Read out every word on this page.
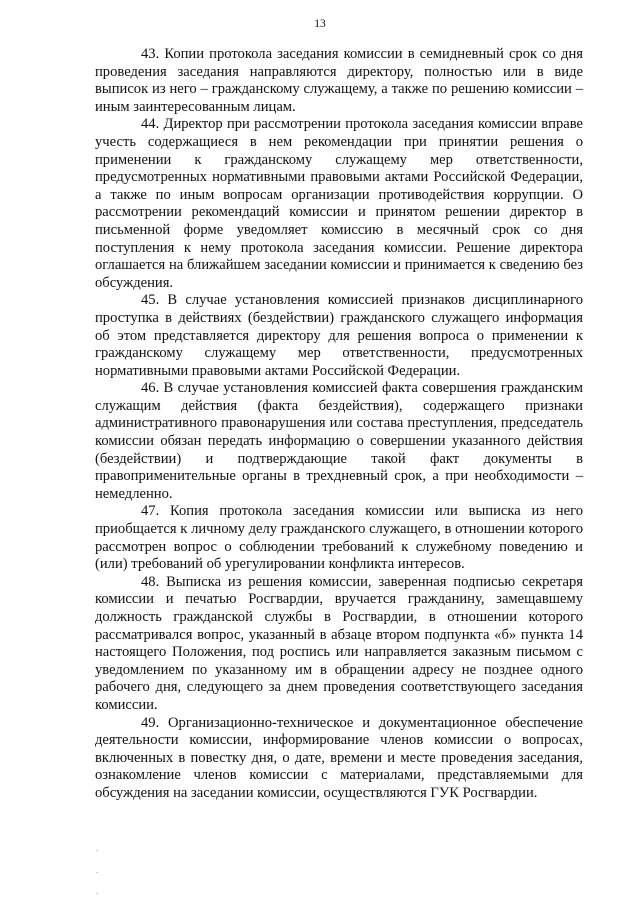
13

43. Копии протокола заседания комиссии в семидневный срок со дня проведения заседания направляются директору, полностью или в виде выписок из него – гражданскому служащему, а также по решению комиссии – иным заинтересованным лицам.

44. Директор при рассмотрении протокола заседания комиссии вправе учесть содержащиеся в нем рекомендации при принятии решения о применении к гражданскому служащему мер ответственности, предусмотренных нормативными правовыми актами Российской Федерации, а также по иным вопросам организации противодействия коррупции. О рассмотрении рекомендаций комиссии и принятом решении директор в письменной форме уведомляет комиссию в месячный срок со дня поступления к нему протокола заседания комиссии. Решение директора оглашается на ближайшем заседании комиссии и принимается к сведению без обсуждения.

45. В случае установления комиссией признаков дисциплинарного проступка в действиях (бездействии) гражданского служащего информация об этом представляется директору для решения вопроса о применении к гражданскому служащему мер ответственности, предусмотренных нормативными правовыми актами Российской Федерации.

46. В случае установления комиссией факта совершения гражданским служащим действия (факта бездействия), содержащего признаки административного правонарушения или состава преступления, председатель комиссии обязан передать информацию о совершении указанного действия (бездействии) и подтверждающие такой факт документы в правоприменительные органы в трехдневный срок, а при необходимости – немедленно.

47. Копия протокола заседания комиссии или выписка из него приобщается к личному делу гражданского служащего, в отношении которого рассмотрен вопрос о соблюдении требований к служебному поведению и (или) требований об урегулировании конфликта интересов.

48. Выписка из решения комиссии, заверенная подписью секретаря комиссии и печатью Росгвардии, вручается гражданину, замещавшему должность гражданской службы в Росгвардии, в отношении которого рассматривался вопрос, указанный в абзаце втором подпункта «б» пункта 14 настоящего Положения, под роспись или направляется заказным письмом с уведомлением по указанному им в обращении адресу не позднее одного рабочего дня, следующего за днем проведения соответствующего заседания комиссии.

49. Организационно-техническое и документационное обеспечение деятельности комиссии, информирование членов комиссии о вопросах, включенных в повестку дня, о дате, времени и месте проведения заседания, ознакомление членов комиссии с материалами, представляемыми для обсуждения на заседании комиссии, осуществляются ГУК Росгвардии.
